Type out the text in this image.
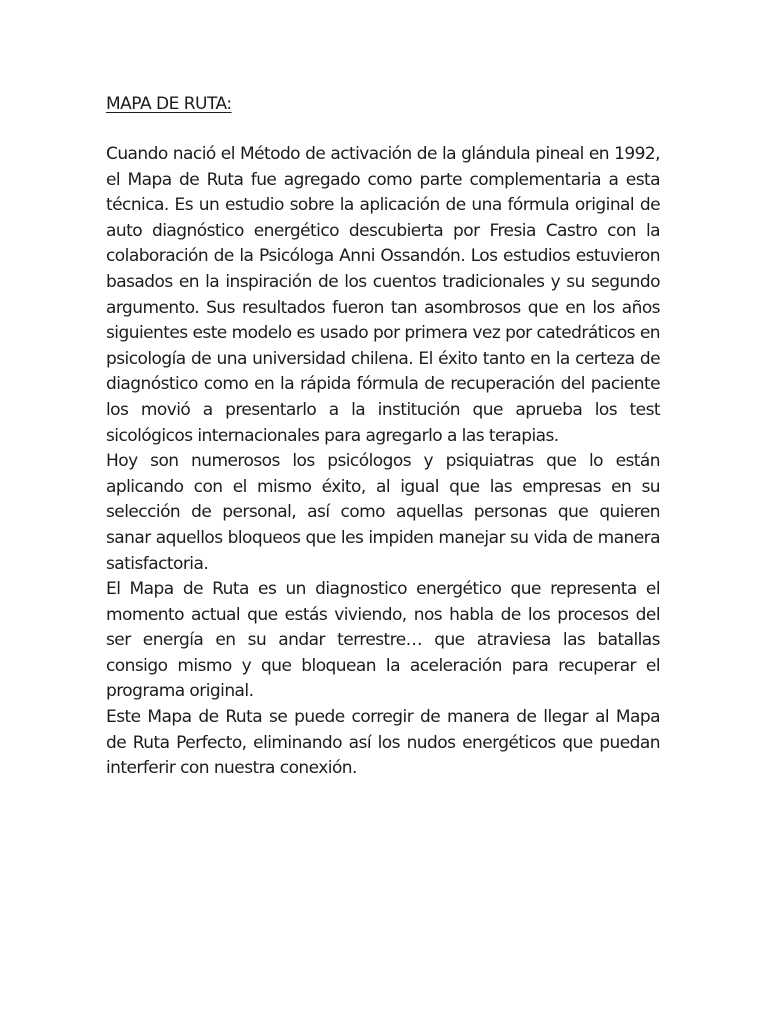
MAPA DE RUTA:

Cuando nació el Método de activación de la glándula pineal en 1992, el Mapa de Ruta fue agregado como parte complementaria a esta técnica. Es un estudio sobre la aplicación de una fórmula original de auto diagnóstico energético descubierta por Fresia Castro con la colaboración de la Psicóloga Anni Ossandón. Los estudios estuvieron basados en la inspiración de los cuentos tradicionales y su segundo argumento. Sus resultados fueron tan asombrosos que en los años siguientes este modelo es usado por primera vez por catedráticos en psicología de una universidad chilena. El éxito tanto en la certeza de diagnóstico como en la rápida fórmula de recuperación del paciente los movió a presentarlo a la institución que aprueba los test sicológicos internacionales para agregarlo a las terapias.

Hoy son numerosos los psicólogos y psiquiatras que lo están aplicando con el mismo éxito, al igual que las empresas en su selección de personal, así como aquellas personas que quieren sanar aquellos bloqueos que les impiden manejar su vida de manera satisfactoria.

El Mapa de Ruta es un diagnostico energético que representa el momento actual que estás viviendo, nos habla de los procesos del ser energía en su andar terrestre… que atraviesa las batallas consigo mismo y que bloquean la aceleración para recuperar el programa original.

Este Mapa de Ruta se puede corregir de manera de llegar al Mapa de Ruta Perfecto, eliminando así los nudos energéticos que puedan interferir con nuestra conexión.
